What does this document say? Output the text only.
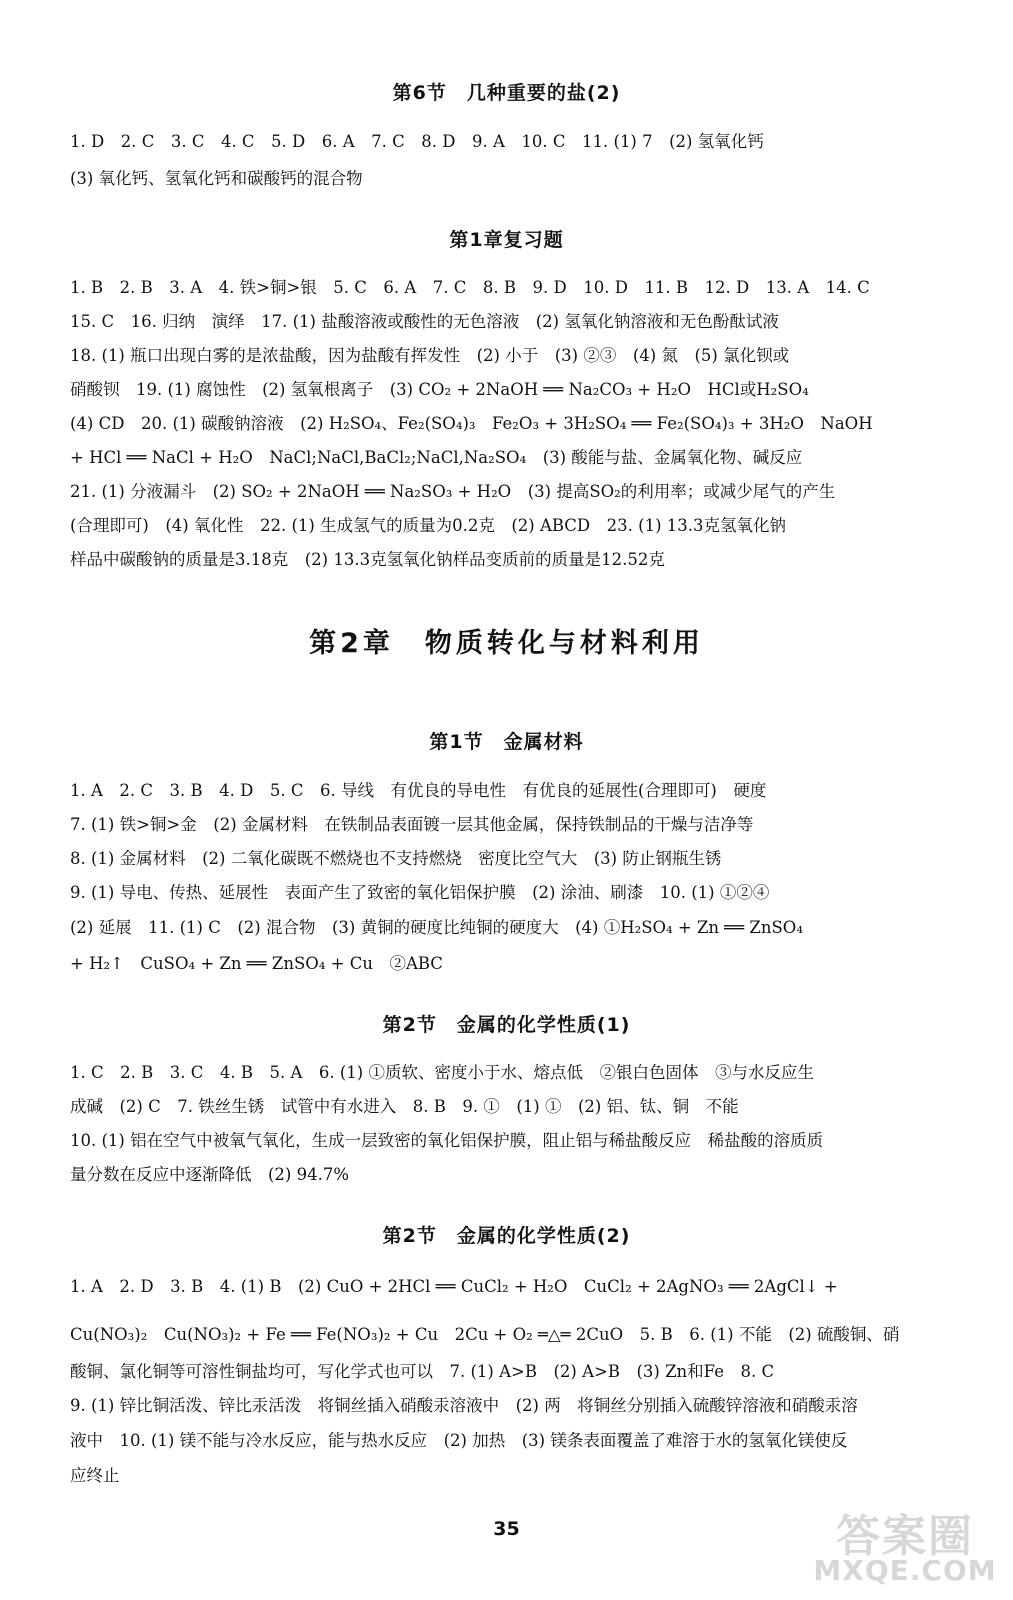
第6节　几种重要的盐(2)
1. D　2. C　3. C　4. C　5. D　6. A　7. C　8. D　9. A　10. C　11. (1) 7　(2) 氢氧化钙
(3) 氧化钙、氢氧化钙和碳酸钙的混合物
第1章复习题
1. B　2. B　3. A　4. 铁>铜>银　5. C　6. A　7. C　8. B　9. D　10. D　11. B　12. D　13. A　14. C
15. C　16. 归纳　演绎　17. (1) 盐酸溶液或酸性的无色溶液　(2) 氢氧化钠溶液和无色酚酞试液
18. (1) 瓶口出现白雾的是浓盐酸，因为盐酸有挥发性　(2) 小于　(3) ②③　(4) 氮　(5) 氯化钡或
硝酸钡　19. (1) 腐蚀性　(2) 氢氧根离子　(3) CO₂ + 2NaOH ══ Na₂CO₃ + H₂O　HCl或H₂SO₄
(4) CD　20. (1) 碳酸钠溶液　(2) H₂SO₄、Fe₂(SO₄)₃　Fe₂O₃ + 3H₂SO₄ ══ Fe₂(SO₄)₃ + 3H₂O　NaOH
+ HCl ══ NaCl + H₂O　NaCl;NaCl,BaCl₂;NaCl,Na₂SO₄　(3) 酸能与盐、金属氧化物、碱反应
21. (1) 分液漏斗　(2) SO₂ + 2NaOH ══ Na₂SO₃ + H₂O　(3) 提高SO₂的利用率；或减少尾气的产生
(合理即可)　(4) 氧化性　22. (1) 生成氢气的质量为0.2克　(2) ABCD　23. (1) 13.3克氢氧化钠
样品中碳酸钠的质量是3.18克　(2) 13.3克氢氧化钠样品变质前的质量是12.52克
第2章　物质转化与材料利用
第1节　金属材料
1. A　2. C　3. B　4. D　5. C　6. 导线　有优良的导电性　有优良的延展性(合理即可)　硬度
7. (1) 铁>铜>金　(2) 金属材料　在铁制品表面镀一层其他金属，保持铁制品的干燥与洁净等
8. (1) 金属材料　(2) 二氧化碳既不燃烧也不支持燃烧　密度比空气大　(3) 防止钢瓶生锈
9. (1) 导电、传热、延展性　表面产生了致密的氧化铝保护膜　(2) 涂油、刷漆　10. (1) ①②④
(2) 延展　11. (1) C　(2) 混合物　(3) 黄铜的硬度比纯铜的硬度大　(4) ①H₂SO₄ + Zn ══ ZnSO₄
+ H₂↑　CuSO₄ + Zn ══ ZnSO₄ + Cu　②ABC
第2节　金属的化学性质(1)
1. C　2. B　3. C　4. B　5. A　6. (1) ①质软、密度小于水、熔点低　②银白色固体　③与水反应生
成碱　(2) C　7. 铁丝生锈　试管中有水进入　8. B　9. ①　(1) ①　(2) 铝、钛、铜　不能
10. (1) 铝在空气中被氧气氧化，生成一层致密的氧化铝保护膜，阻止铝与稀盐酸反应　稀盐酸的溶质质
量分数在反应中逐渐降低　(2) 94.7%
第2节　金属的化学性质(2)
1. A　2. D　3. B　4. (1) B　(2) CuO + 2HCl ══ CuCl₂ + H₂O　CuCl₂ + 2AgNO₃ ══ 2AgCl↓ +
Cu(NO₃)₂　Cu(NO₃)₂ + Fe ══ Fe(NO₃)₂ + Cu　2Cu + O₂ ═△═ 2CuO　5. B　6. (1) 不能　(2) 硫酸铜、硝
酸铜、氯化铜等可溶性铜盐均可，写化学式也可以　7. (1) A>B　(2) A>B　(3) Zn和Fe　8. C
9. (1) 锌比铜活泼、锌比汞活泼　将铜丝插入硝酸汞溶液中　(2) 两　将铜丝分别插入硫酸锌溶液和硝酸汞溶
液中　10. (1) 镁不能与冷水反应，能与热水反应　(2) 加热　(3) 镁条表面覆盖了难溶于水的氢氧化镁使反
应终止
35	答案圈
MXQE.COM
